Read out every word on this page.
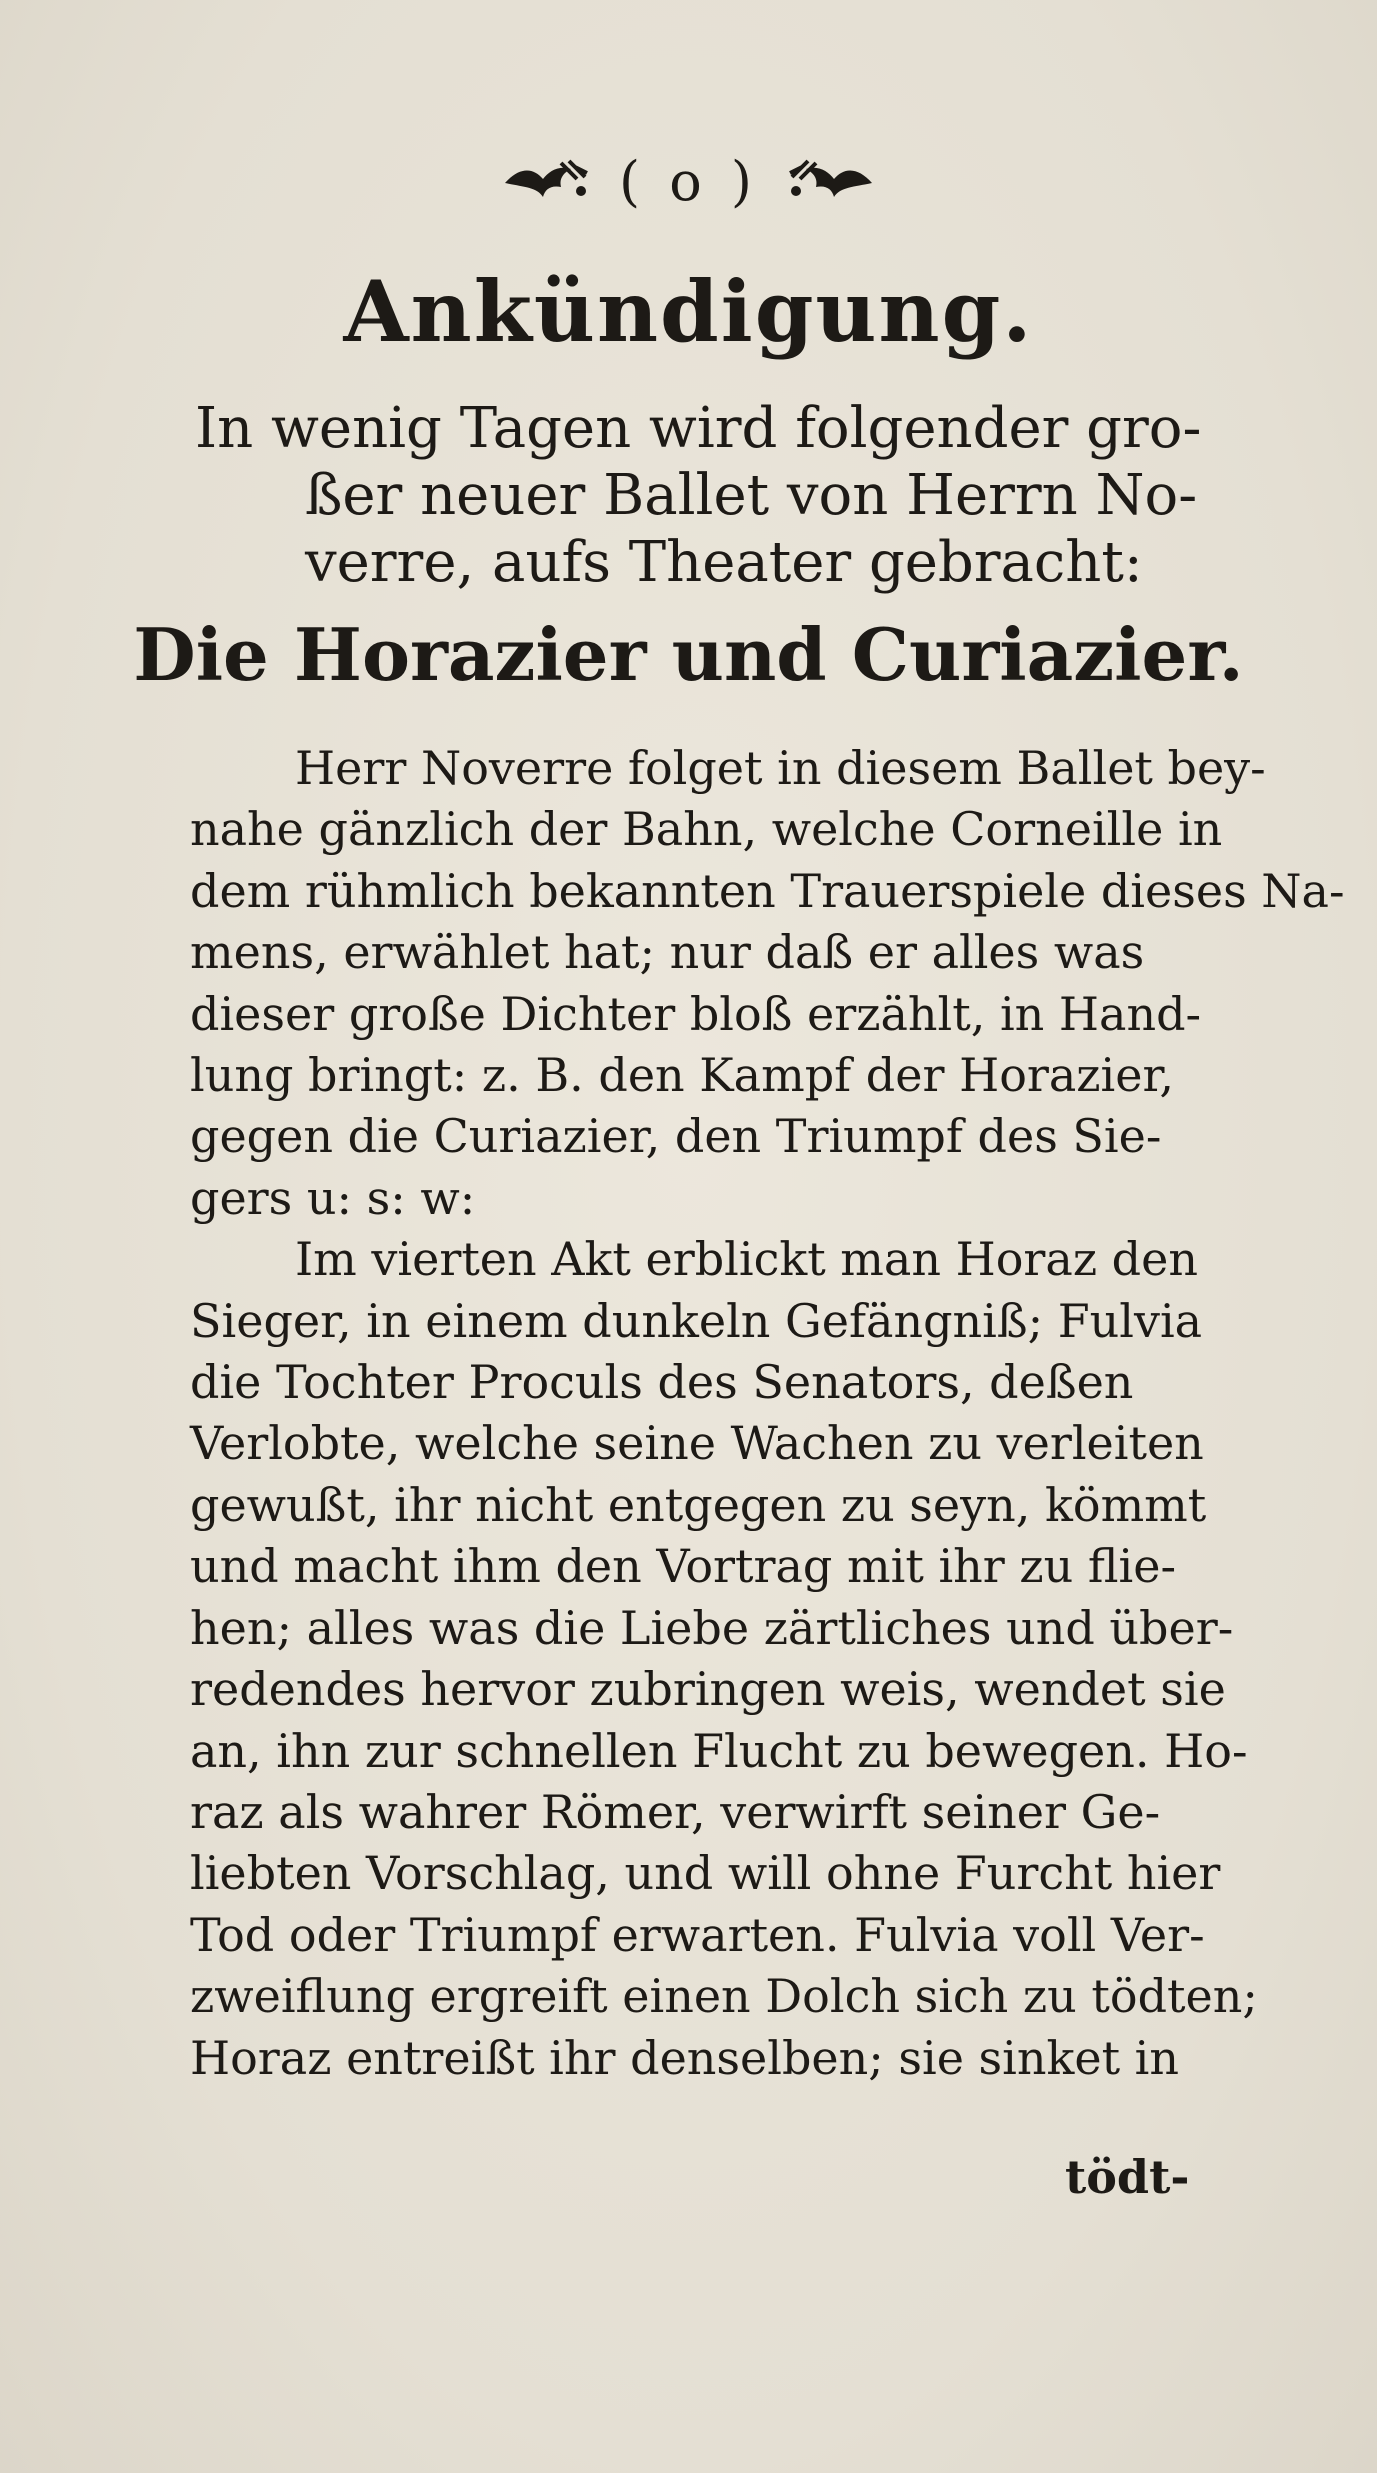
( o )
Ankündigung.
In wenig Tagen wird folgender gro-
ßer neuer Ballet von Herrn No-
verre, aufs Theater gebracht:
Die Horazier und Curiazier.
Herr Noverre folget in diesem Ballet bey-
nahe gänzlich der Bahn, welche Corneille in
dem rühmlich bekannten Trauerspiele dieses Na-
mens, erwählet hat; nur daß er alles was
dieser große Dichter bloß erzählt, in Hand-
lung bringt: z. B. den Kampf der Horazier,
gegen die Curiazier, den Triumpf des Sie-
gers u: s: w:
Im vierten Akt erblickt man Horaz den
Sieger, in einem dunkeln Gefängniß; Fulvia
die Tochter Proculs des Senators, deßen
Verlobte, welche seine Wachen zu verleiten
gewußt, ihr nicht entgegen zu seyn, kömmt
und macht ihm den Vortrag mit ihr zu flie-
hen; alles was die Liebe zärtliches und über-
redendes hervor zubringen weis, wendet sie
an, ihn zur schnellen Flucht zu bewegen. Ho-
raz als wahrer Römer, verwirft seiner Ge-
liebten Vorschlag, und will ohne Furcht hier
Tod oder Triumpf erwarten. Fulvia voll Ver-
zweiflung ergreift einen Dolch sich zu tödten;
Horaz entreißt ihr denselben; sie sinket in
tödt-
